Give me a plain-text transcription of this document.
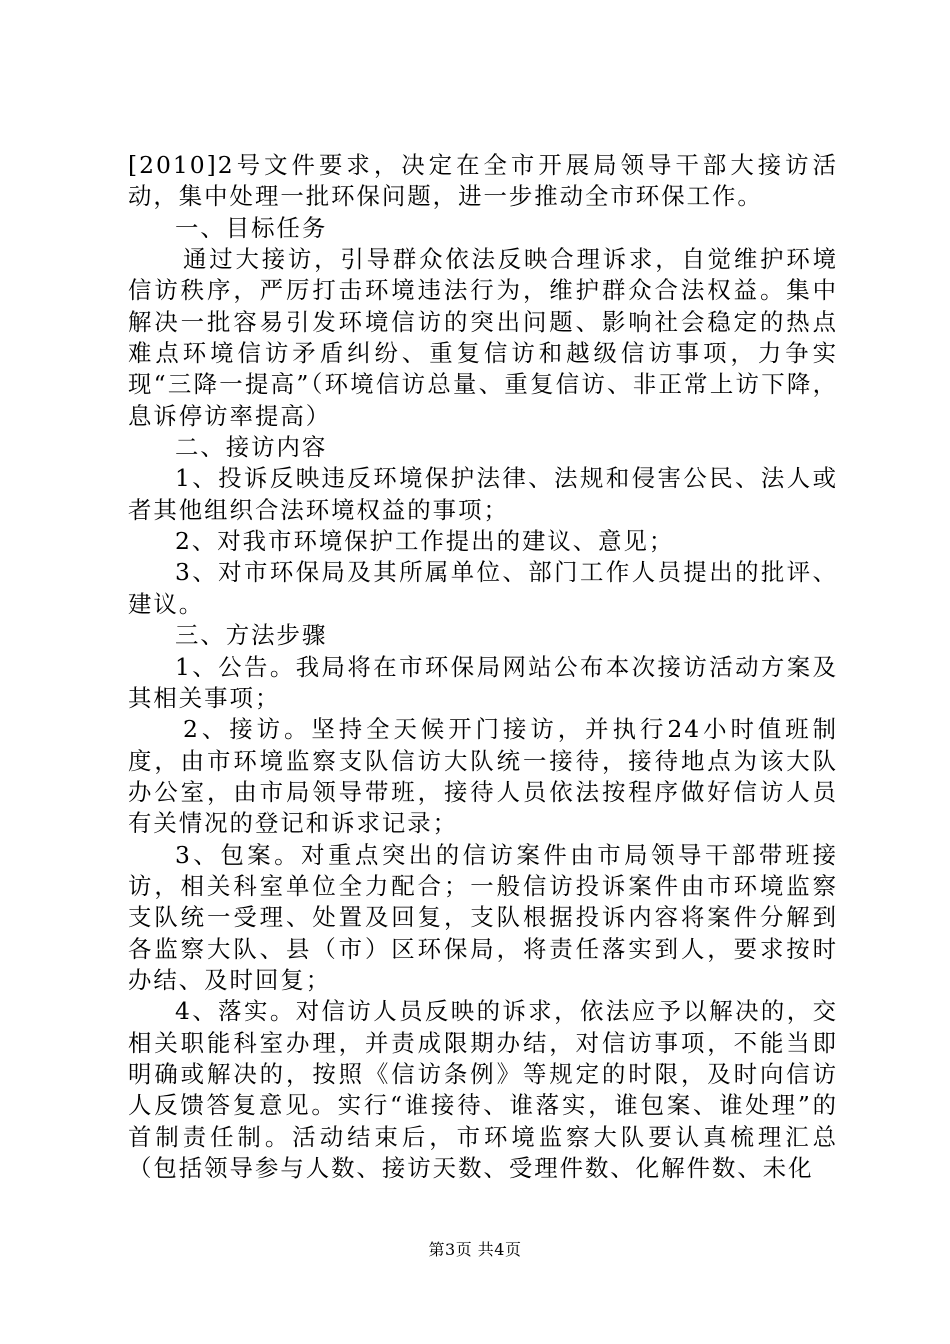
[2010]2号文件要求，决定在全市开展局领导干部大接访活动，集中处理一批环保问题，进一步推动全市环保工作。

一、目标任务

通过大接访，引导群众依法反映合理诉求，自觉维护环境信访秩序，严厉打击环境违法行为，维护群众合法权益。集中解决一批容易引发环境信访的突出问题、影响社会稳定的热点难点环境信访矛盾纠纷、重复信访和越级信访事项，力争实现“三降一提高”（环境信访总量、重复信访、非正常上访下降，息诉停访率提高）

二、接访内容

1、投诉反映违反环境保护法律、法规和侵害公民、法人或者其他组织合法环境权益的事项；

2、对我市环境保护工作提出的建议、意见；

3、对市环保局及其所属单位、部门工作人员提出的批评、建议。

三、方法步骤

1、公告。我局将在市环保局网站公布本次接访活动方案及其相关事项；

2、接访。坚持全天候开门接访，并执行24小时值班制度，由市环境监察支队信访大队统一接待，接待地点为该大队办公室，由市局领导带班，接待人员依法按程序做好信访人员有关情况的登记和诉求记录；

3、包案。对重点突出的信访案件由市局领导干部带班接访，相关科室单位全力配合；一般信访投诉案件由市环境监察支队统一受理、处置及回复，支队根据投诉内容将案件分解到各监察大队、县（市）区环保局，将责任落实到人，要求按时办结、及时回复；

4、落实。对信访人员反映的诉求，依法应予以解决的，交相关职能科室办理，并责成限期办结，对信访事项，不能当即明确或解决的，按照《信访条例》等规定的时限，及时向信访人反馈答复意见。实行“谁接待、谁落实，谁包案、谁处理”的首制责任制。活动结束后，市环境监察大队要认真梳理汇总（包括领导参与人数、接访天数、受理件数、化解件数、未化

第3页 共4页
